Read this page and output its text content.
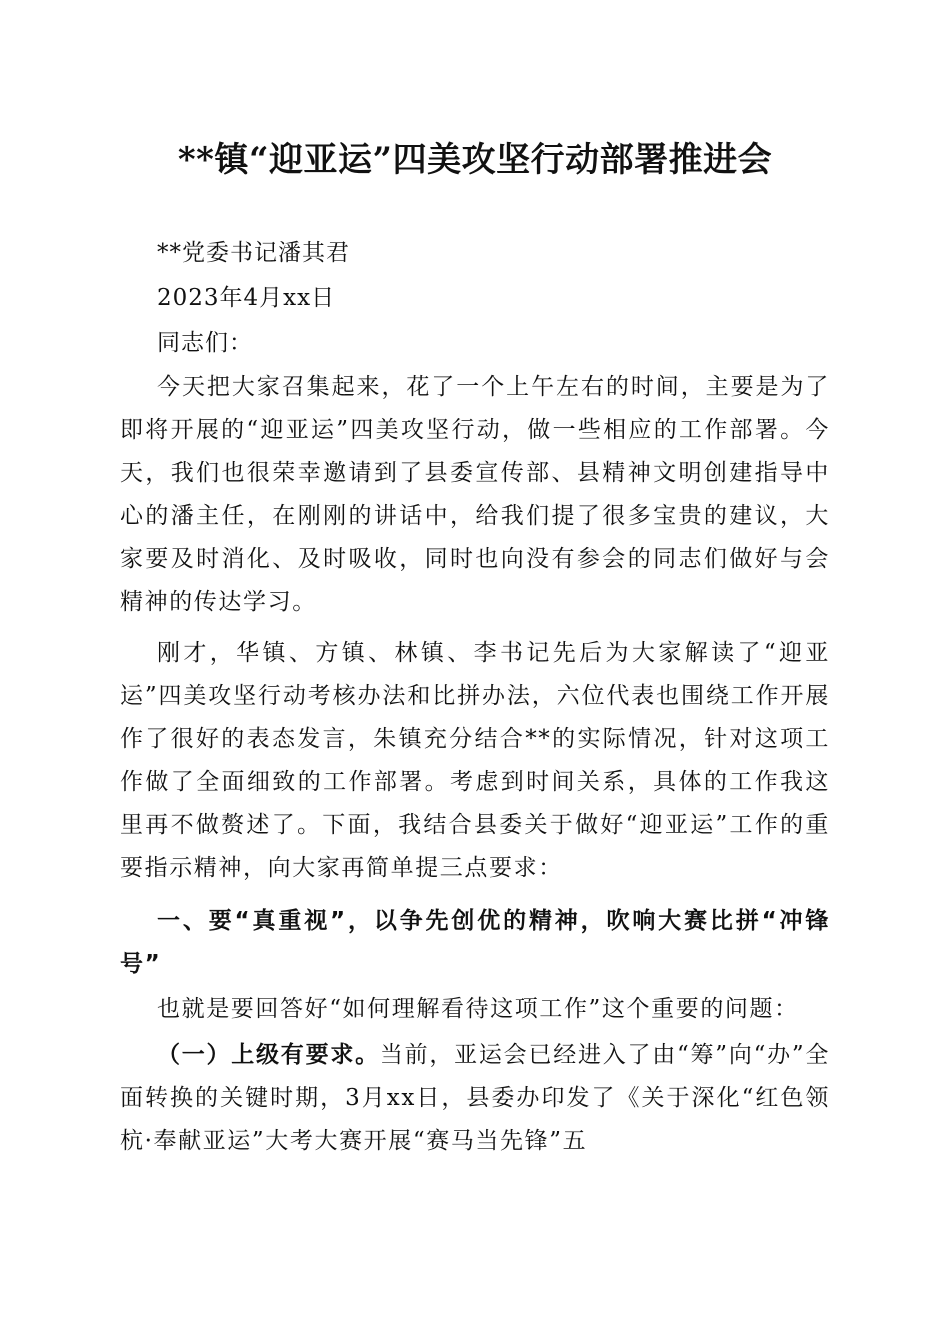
**镇“迎亚运”四美攻坚行动部署推进会
**党委书记潘其君
2023年4月xx日
同志们：

今天把大家召集起来，花了一个上午左右的时间，主要是为了即将开展的“迎亚运”四美攻坚行动，做一些相应的工作部署。今天，我们也很荣幸邀请到了县委宣传部、县精神文明创建指导中心的潘主任，在刚刚的讲话中，给我们提了很多宝贵的建议，大家要及时消化、及时吸收，同时也向没有参会的同志们做好与会精神的传达学习。

刚才，华镇、方镇、林镇、李书记先后为大家解读了“迎亚运”四美攻坚行动考核办法和比拼办法，六位代表也围绕工作开展作了很好的表态发言，朱镇充分结合**的实际情况，针对这项工作做了全面细致的工作部署。考虑到时间关系，具体的工作我这里再不做赘述了。下面，我结合县委关于做好“迎亚运”工作的重要指示精神，向大家再简单提三点要求：

一、要“真重视”，以争先创优的精神，吹响大赛比拼“冲锋号”
也就是要回答好“如何理解看待这项工作”这个重要的问题：
（一）上级有要求。当前，亚运会已经进入了由“筹”向“办”全面转换的关键时期，3月xx日，县委办印发了《关于深化“红色领杭·奉献亚运”大考大赛开展“赛马当先锋”五
